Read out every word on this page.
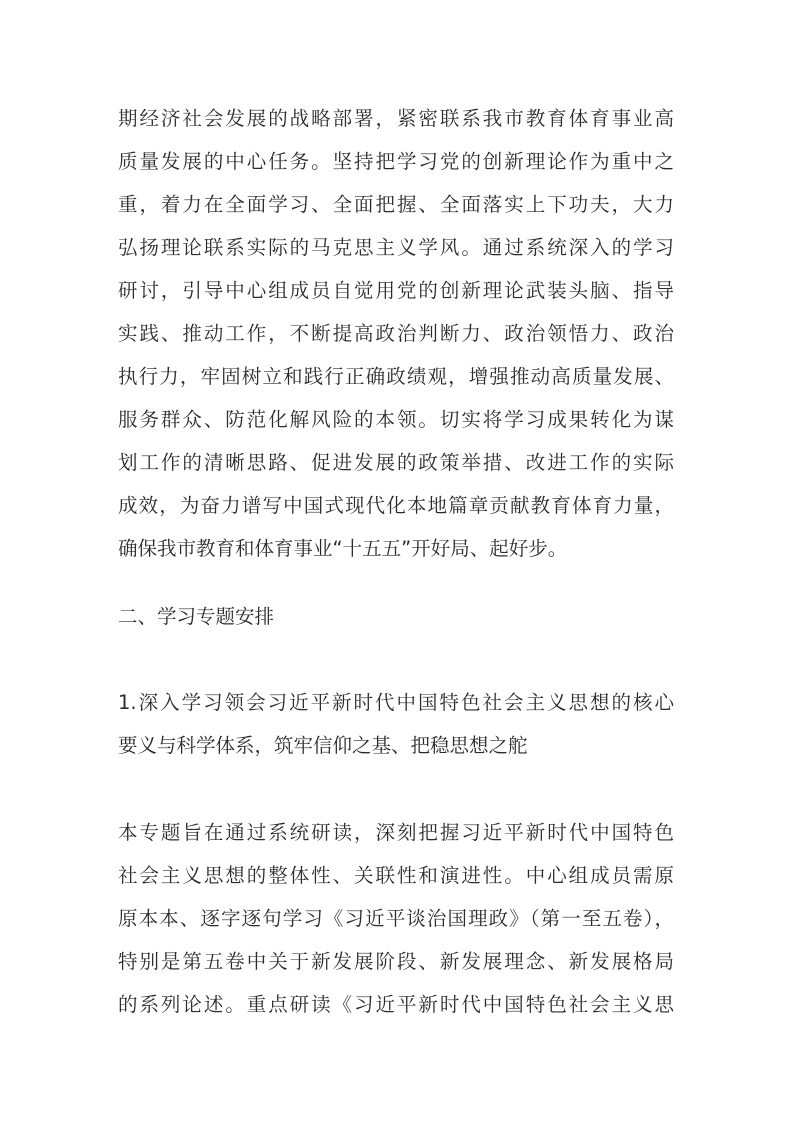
期经济社会发展的战略部署，紧密联系我市教育体育事业高
质量发展的中心任务。坚持把学习党的创新理论作为重中之
重，着力在全面学习、全面把握、全面落实上下功夫，大力
弘扬理论联系实际的马克思主义学风。通过系统深入的学习
研讨，引导中心组成员自觉用党的创新理论武装头脑、指导
实践、推动工作，不断提高政治判断力、政治领悟力、政治
执行力，牢固树立和践行正确政绩观，增强推动高质量发展、
服务群众、防范化解风险的本领。切实将学习成果转化为谋
划工作的清晰思路、促进发展的政策举措、改进工作的实际
成效，为奋力谱写中国式现代化本地篇章贡献教育体育力量，
确保我市教育和体育事业“十五五”开好局、起好步。
二、学习专题安排
1.深入学习领会习近平新时代中国特色社会主义思想的核心
要义与科学体系，筑牢信仰之基、把稳思想之舵
本专题旨在通过系统研读，深刻把握习近平新时代中国特色
社会主义思想的整体性、关联性和演进性。中心组成员需原
原本本、逐字逐句学习《习近平谈治国理政》（第一至五卷），
特别是第五卷中关于新发展阶段、新发展理念、新发展格局
的系列论述。重点研读《习近平新时代中国特色社会主义思
